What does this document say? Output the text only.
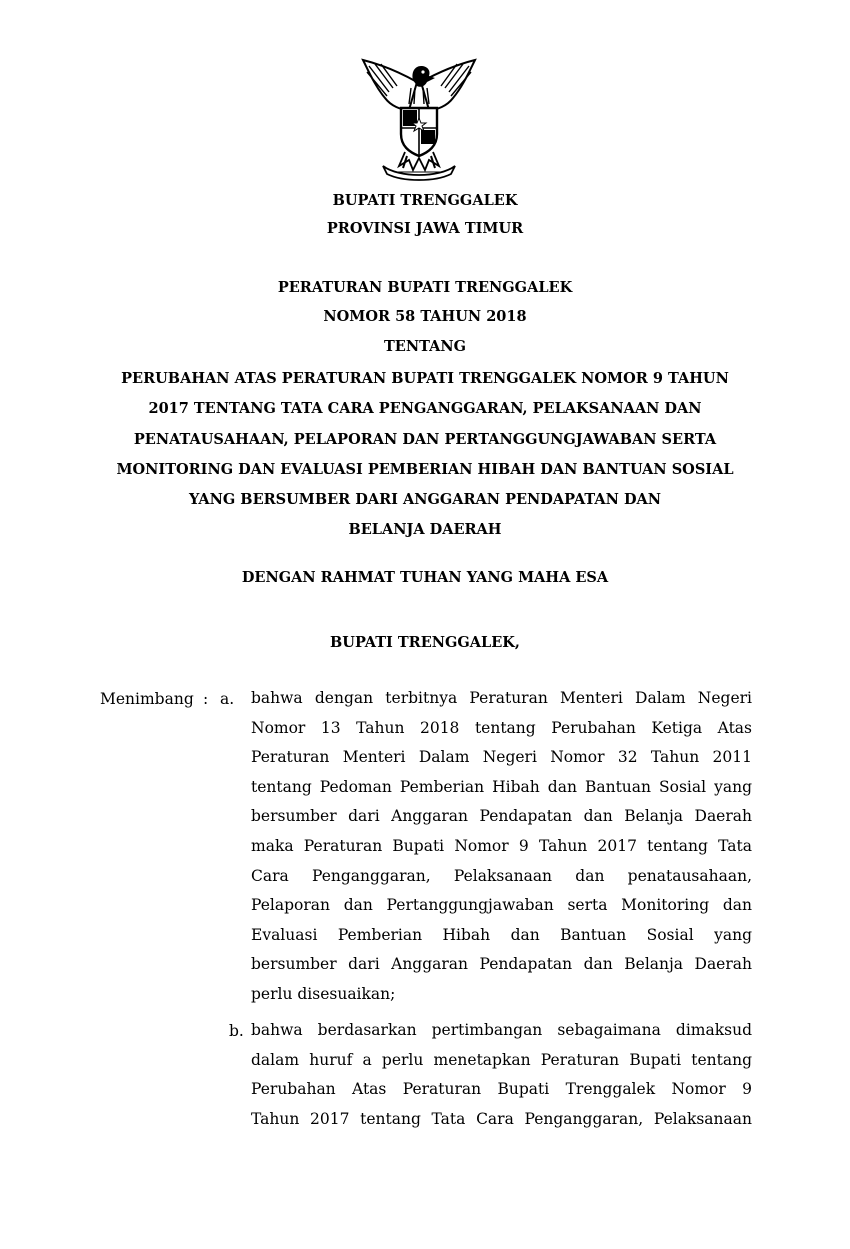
BUPATI TRENGGALEK
PROVINSI JAWA TIMUR
PERATURAN BUPATI TRENGGALEK
NOMOR 58 TAHUN 2018
TENTANG
PERUBAHAN ATAS PERATURAN BUPATI TRENGGALEK NOMOR 9 TAHUN
2017 TENTANG TATA CARA PENGANGGARAN, PELAKSANAAN DAN
PENATAUSAHAAN, PELAPORAN DAN PERTANGGUNGJAWABAN SERTA
MONITORING DAN EVALUASI PEMBERIAN HIBAH DAN BANTUAN SOSIAL
YANG BERSUMBER DARI ANGGARAN PENDAPATAN DAN
BELANJA DAERAH
DENGAN RAHMAT TUHAN YANG MAHA ESA
BUPATI TRENGGALEK,
Menimbang : a. bahwa dengan terbitnya Peraturan Menteri Dalam Negeri
Nomor 13 Tahun 2018 tentang Perubahan Ketiga Atas
Peraturan Menteri Dalam Negeri Nomor 32 Tahun 2011
tentang Pedoman Pemberian Hibah dan Bantuan Sosial yang
bersumber dari Anggaran Pendapatan dan Belanja Daerah
maka Peraturan Bupati Nomor 9 Tahun 2017 tentang Tata
Cara Penganggaran, Pelaksanaan dan penatausahaan,
Pelaporan dan Pertanggungjawaban serta Monitoring dan
Evaluasi Pemberian Hibah dan Bantuan Sosial yang
bersumber dari Anggaran Pendapatan dan Belanja Daerah
perlu disesuaikan;
b. bahwa berdasarkan pertimbangan sebagaimana dimaksud
dalam huruf a perlu menetapkan Peraturan Bupati tentang
Perubahan Atas Peraturan Bupati Trenggalek Nomor 9
Tahun 2017 tentang Tata Cara Penganggaran, Pelaksanaan
